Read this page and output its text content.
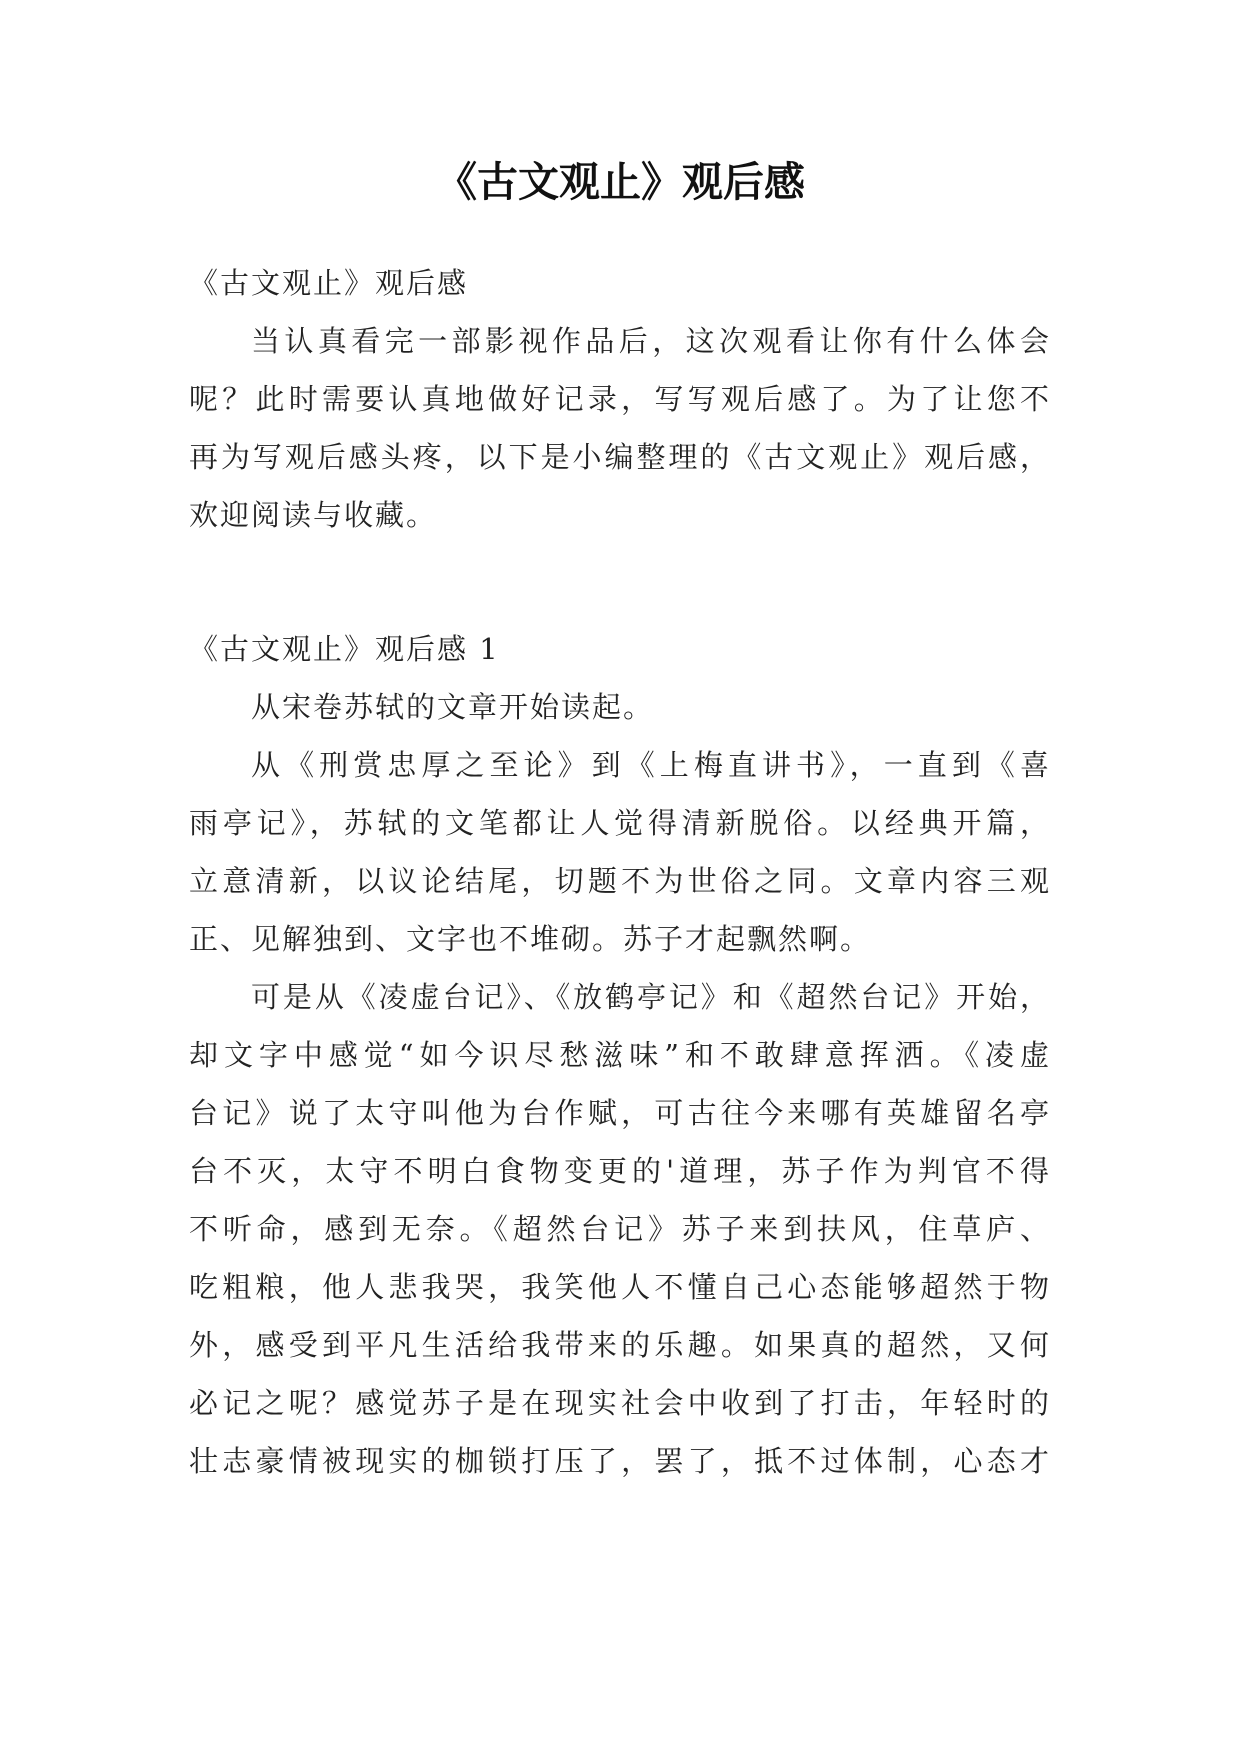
《古文观止》观后感
《古文观止》观后感
当认真看完一部影视作品后，这次观看让你有什么体会
呢？此时需要认真地做好记录，写写观后感了。为了让您不
再为写观后感头疼，以下是小编整理的《古文观止》观后感，
欢迎阅读与收藏。
《古文观止》观后感 1
从宋卷苏轼的文章开始读起。
从《刑赏忠厚之至论》到《上梅直讲书》，一直到《喜
雨亭记》，苏轼的文笔都让人觉得清新脱俗。以经典开篇，
立意清新，以议论结尾，切题不为世俗之同。文章内容三观
正、见解独到、文字也不堆砌。苏子才起飘然啊。
可是从《凌虚台记》、《放鹤亭记》和《超然台记》开始，
却文字中感觉“如今识尽愁滋味”和不敢肆意挥洒。《凌虚
台记》说了太守叫他为台作赋，可古往今来哪有英雄留名亭
台不灭，太守不明白食物变更的'道理，苏子作为判官不得
不听命，感到无奈。《超然台记》苏子来到扶风，住草庐、
吃粗粮，他人悲我哭，我笑他人不懂自己心态能够超然于物
外，感受到平凡生活给我带来的乐趣。如果真的超然，又何
必记之呢？感觉苏子是在现实社会中收到了打击，年轻时的
壮志豪情被现实的枷锁打压了，罢了，抵不过体制，心态才
